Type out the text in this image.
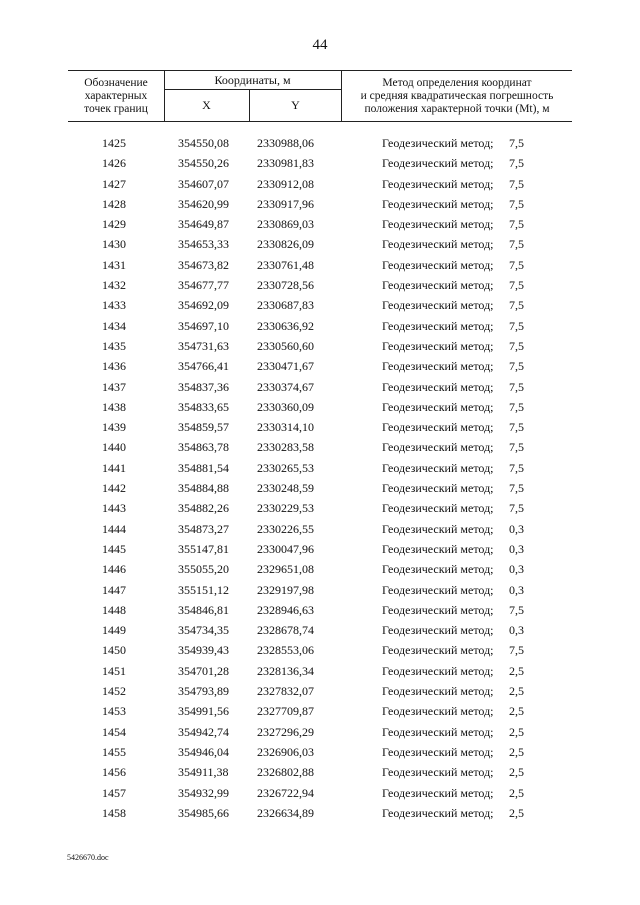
44
Обозначение
характерных
точек границ
Координаты, м
X	Y
Метод определения координат
и средняя квадратическая погрешность
положения характерной точки (Mt), м
1425	354550,08 2330988,06	Геодезический метод; 7,5
1426	354550,26 2330981,83	Геодезический метод; 7,5
1427	354607,07 2330912,08	Геодезический метод; 7,5
1428	354620,99 2330917,96	Геодезический метод; 7,5
1429	354649,87 2330869,03	Геодезический метод; 7,5
1430	354653,33 2330826,09	Геодезический метод; 7,5
1431	354673,82 2330761,48	Геодезический метод; 7,5
1432	354677,77 2330728,56	Геодезический метод; 7,5
1433	354692,09 2330687,83	Геодезический метод; 7,5
1434	354697,10 2330636,92	Геодезический метод; 7,5
1435	354731,63 2330560,60	Геодезический метод; 7,5
1436	354766,41 2330471,67	Геодезический метод; 7,5
1437	354837,36 2330374,67	Геодезический метод; 7,5
1438	354833,65 2330360,09	Геодезический метод; 7,5
1439	354859,57 2330314,10	Геодезический метод; 7,5
1440	354863,78 2330283,58	Геодезический метод; 7,5
1441	354881,54 2330265,53	Геодезический метод; 7,5
1442	354884,88 2330248,59	Геодезический метод; 7,5
1443	354882,26 2330229,53	Геодезический метод; 7,5
1444	354873,27 2330226,55	Геодезический метод; 0,3
1445	355147,81 2330047,96	Геодезический метод; 0,3
1446	355055,20 2329651,08	Геодезический метод; 0,3
1447	355151,12 2329197,98	Геодезический метод; 0,3
1448	354846,81 2328946,63	Геодезический метод; 7,5
1449	354734,35 2328678,74	Геодезический метод; 0,3
1450	354939,43 2328553,06	Геодезический метод; 7,5
1451	354701,28 2328136,34	Геодезический метод; 2,5
1452	354793,89 2327832,07	Геодезический метод; 2,5
1453	354991,56 2327709,87	Геодезический метод; 2,5
1454	354942,74 2327296,29	Геодезический метод; 2,5
1455	354946,04 2326906,03	Геодезический метод; 2,5
1456	354911,38 2326802,88	Геодезический метод; 2,5
1457	354932,99 2326722,94	Геодезический метод; 2,5
1458	354985,66 2326634,89	Геодезический метод; 2,5
5426670.doc
